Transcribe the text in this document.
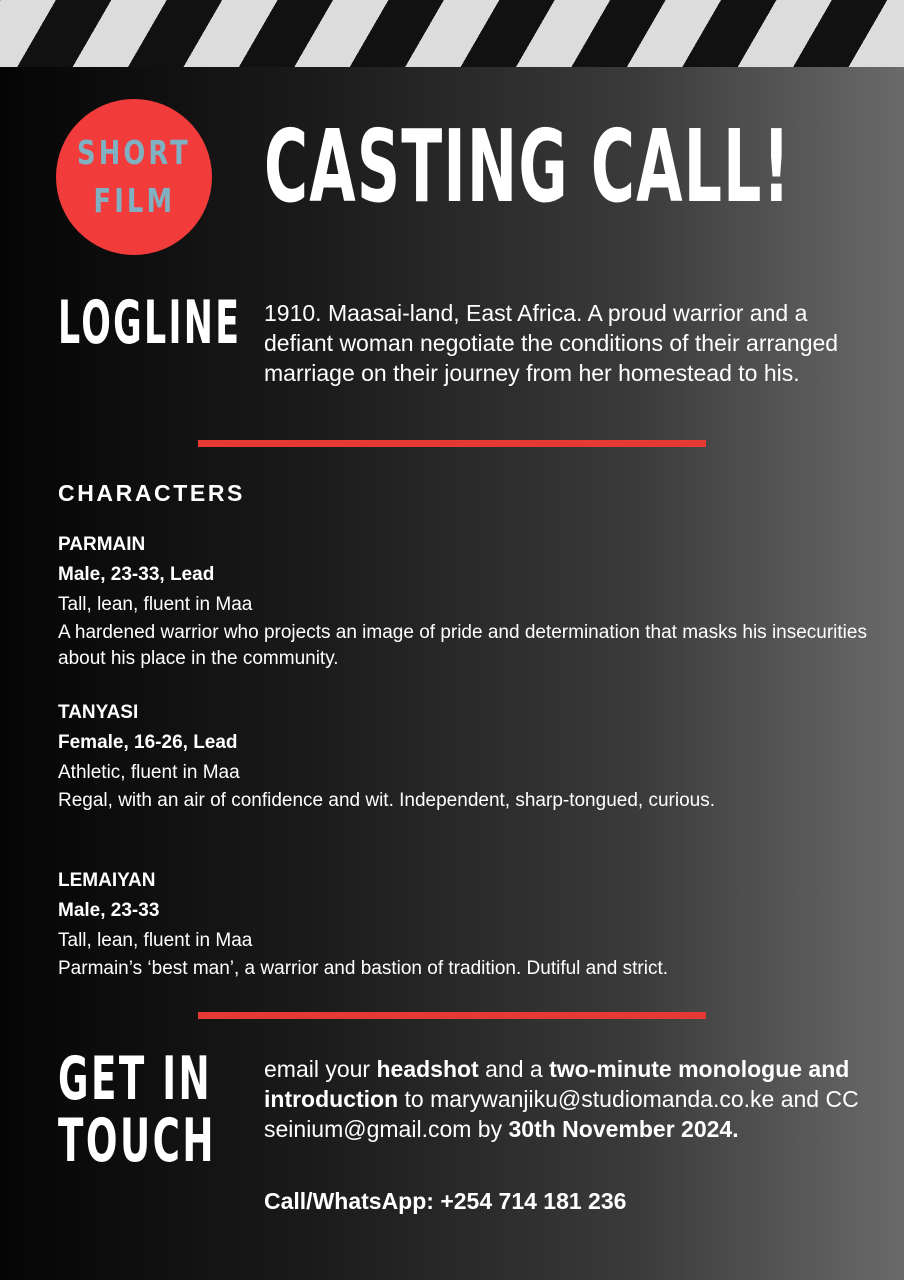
SHORT
FILM CASTING CALL!
LOGLINE 1910. Maasai-land, East Africa. A proud warrior and a defiant woman negotiate the conditions of their arranged marriage on their journey from her homestead to his.
CHARACTERS
PARMAIN
Male, 23-33, Lead
Tall, lean, fluent in Maa
A hardened warrior who projects an image of pride and determination that masks his insecurities about his place in the community.
TANYASI
Female, 16-26, Lead
Athletic, fluent in Maa
Regal, with an air of confidence and wit. Independent, sharp-tongued, curious.
LEMAIYAN
Male, 23-33
Tall, lean, fluent in Maa
Parmain’s ‘best man’, a warrior and bastion of tradition. Dutiful and strict.
GET IN
TOUCH
email your headshot and a two-minute monologue and introduction to marywanjiku@studiomanda.co.ke and CC seinium@gmail.com by 30th November 2024.
Call/WhatsApp: +254 714 181 236
